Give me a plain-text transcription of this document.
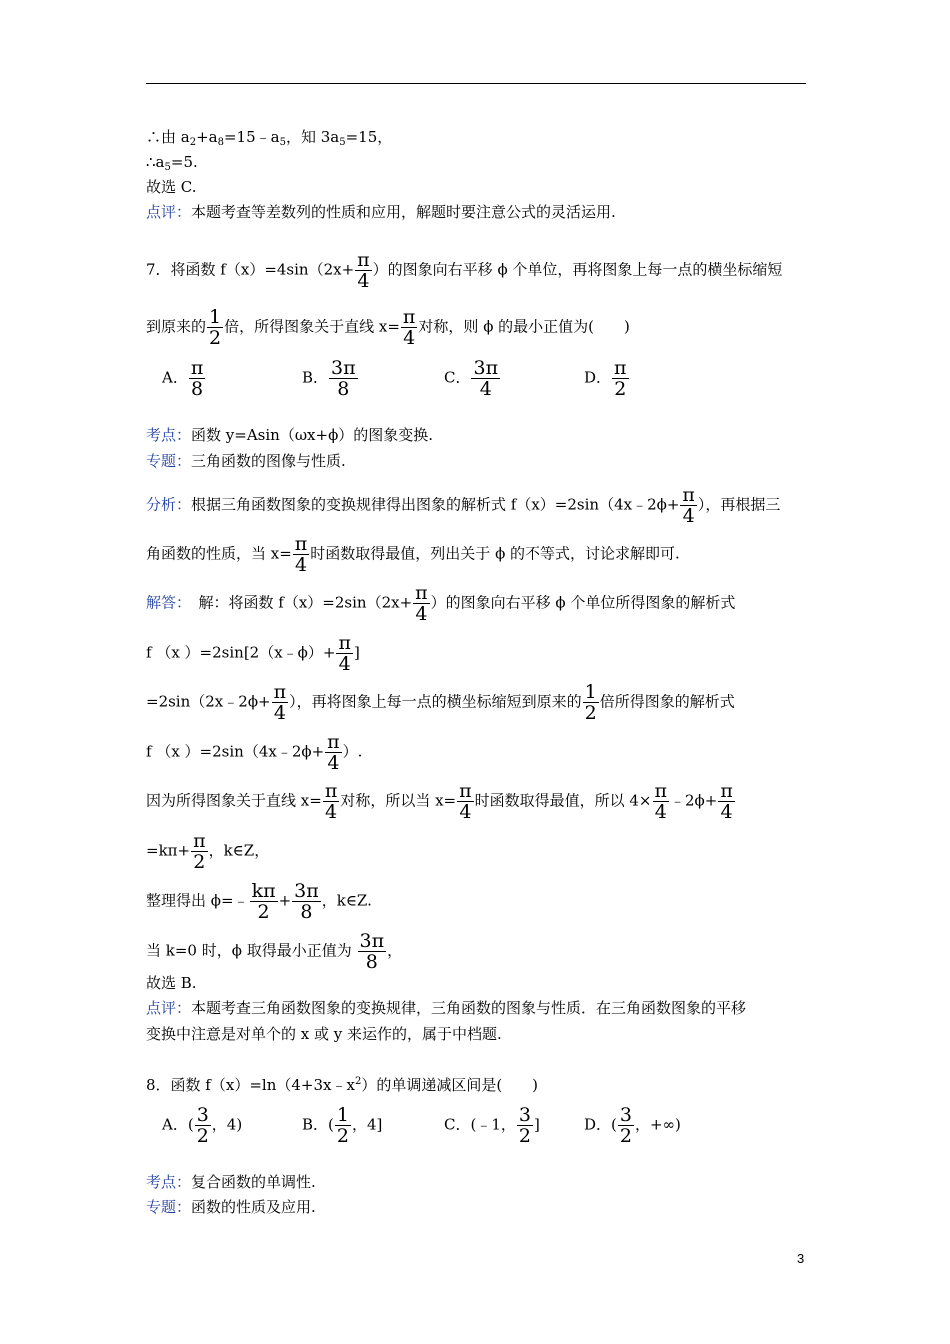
∴由 $a_2+a_8=15﹣a_5$，知 $3a_5=15$，
$\therefore a_5=5$.
故选 C.
点评：本题考查等差数列的性质和应用，解题时要注意公式的灵活运用.
7．将函数 $f(x)=4\sin(2x+ \frac{\pi}{4}$ ）的图象向右平移 ϕ 个单位，再将图象上每一点的横坐标缩短
到原来的 $\frac{1}{2}$ 倍，所得图象关于直线 $x= \frac{\pi}{4}$ 对称，则 ϕ 的最小正值为(　　)
A． $\frac{\pi}{8}$	B． $\frac{3\pi}{8}$	C． $\frac{3\pi}{4}$	D． $\frac{\pi}{2}$
考点：函数 y=Asin（ωx+ϕ）的图象变换.
专题：三角函数的图像与性质.
分析：根据三角函数图象的变换规律得出图象的解析式 f（x）=2sin（4x﹣2ϕ+ $\frac{\pi}{4}$ ），再根据三
角函数的性质，当 $x= \frac{\pi}{4}$ 时函数取得最值，列出关于 ϕ 的不等式，讨论求解即可.
解答：　解：将函数 $f(x)=2\sin(2x+ \frac{\pi}{4}$ ）的图象向右平移 ϕ 个单位所得图象的解析式
f （x ）=2sin[2（x﹣ϕ）+ $\frac{\pi}{4}$ ]
=2sin（2x﹣2ϕ+ $\frac{\pi}{4}$ ），再将图象上每一点的横坐标缩短到原来的 $\frac{1}{2}$ 倍所得图象的解析式
f （x ）=2sin（4x﹣2ϕ+ $\frac{\pi}{4}$ ）.
因为所得图象关于直线 $x= \frac{\pi}{4}$ 对称，所以当 $x= \frac{\pi}{4}$ 时函数取得最值，所以 $4\times \frac{\pi}{4}$ ﹣2ϕ+ $\frac{\pi}{4}$
$=k\pi+ \frac{\pi}{2}$ ，k∈Z，
整理得出 ϕ=﹣ $\frac{k\pi}{2} + \frac{3\pi}{8}$ ，k∈Z.
当 k=0 时，ϕ 取得最小正值为 $\frac{3\pi}{8}$ ，
故选 B.
点评：本题考查三角函数图象的变换规律，三角函数的图象与性质．在三角函数图象的平移
变换中注意是对单个的 x 或 y 来运作的，属于中档题.
8．函数 $f(x)=\ln(4+3x﹣x^2)$的单调递减区间是(　　)
A．( $\frac{3}{2}$ ，4)	B．( $\frac{1}{2}$ ，4]	C．(﹣1， $\frac{3}{2}$ ]	D．( $\frac{3}{2}$ ，+∞)
考点：复合函数的单调性.
专题：函数的性质及应用.
3
